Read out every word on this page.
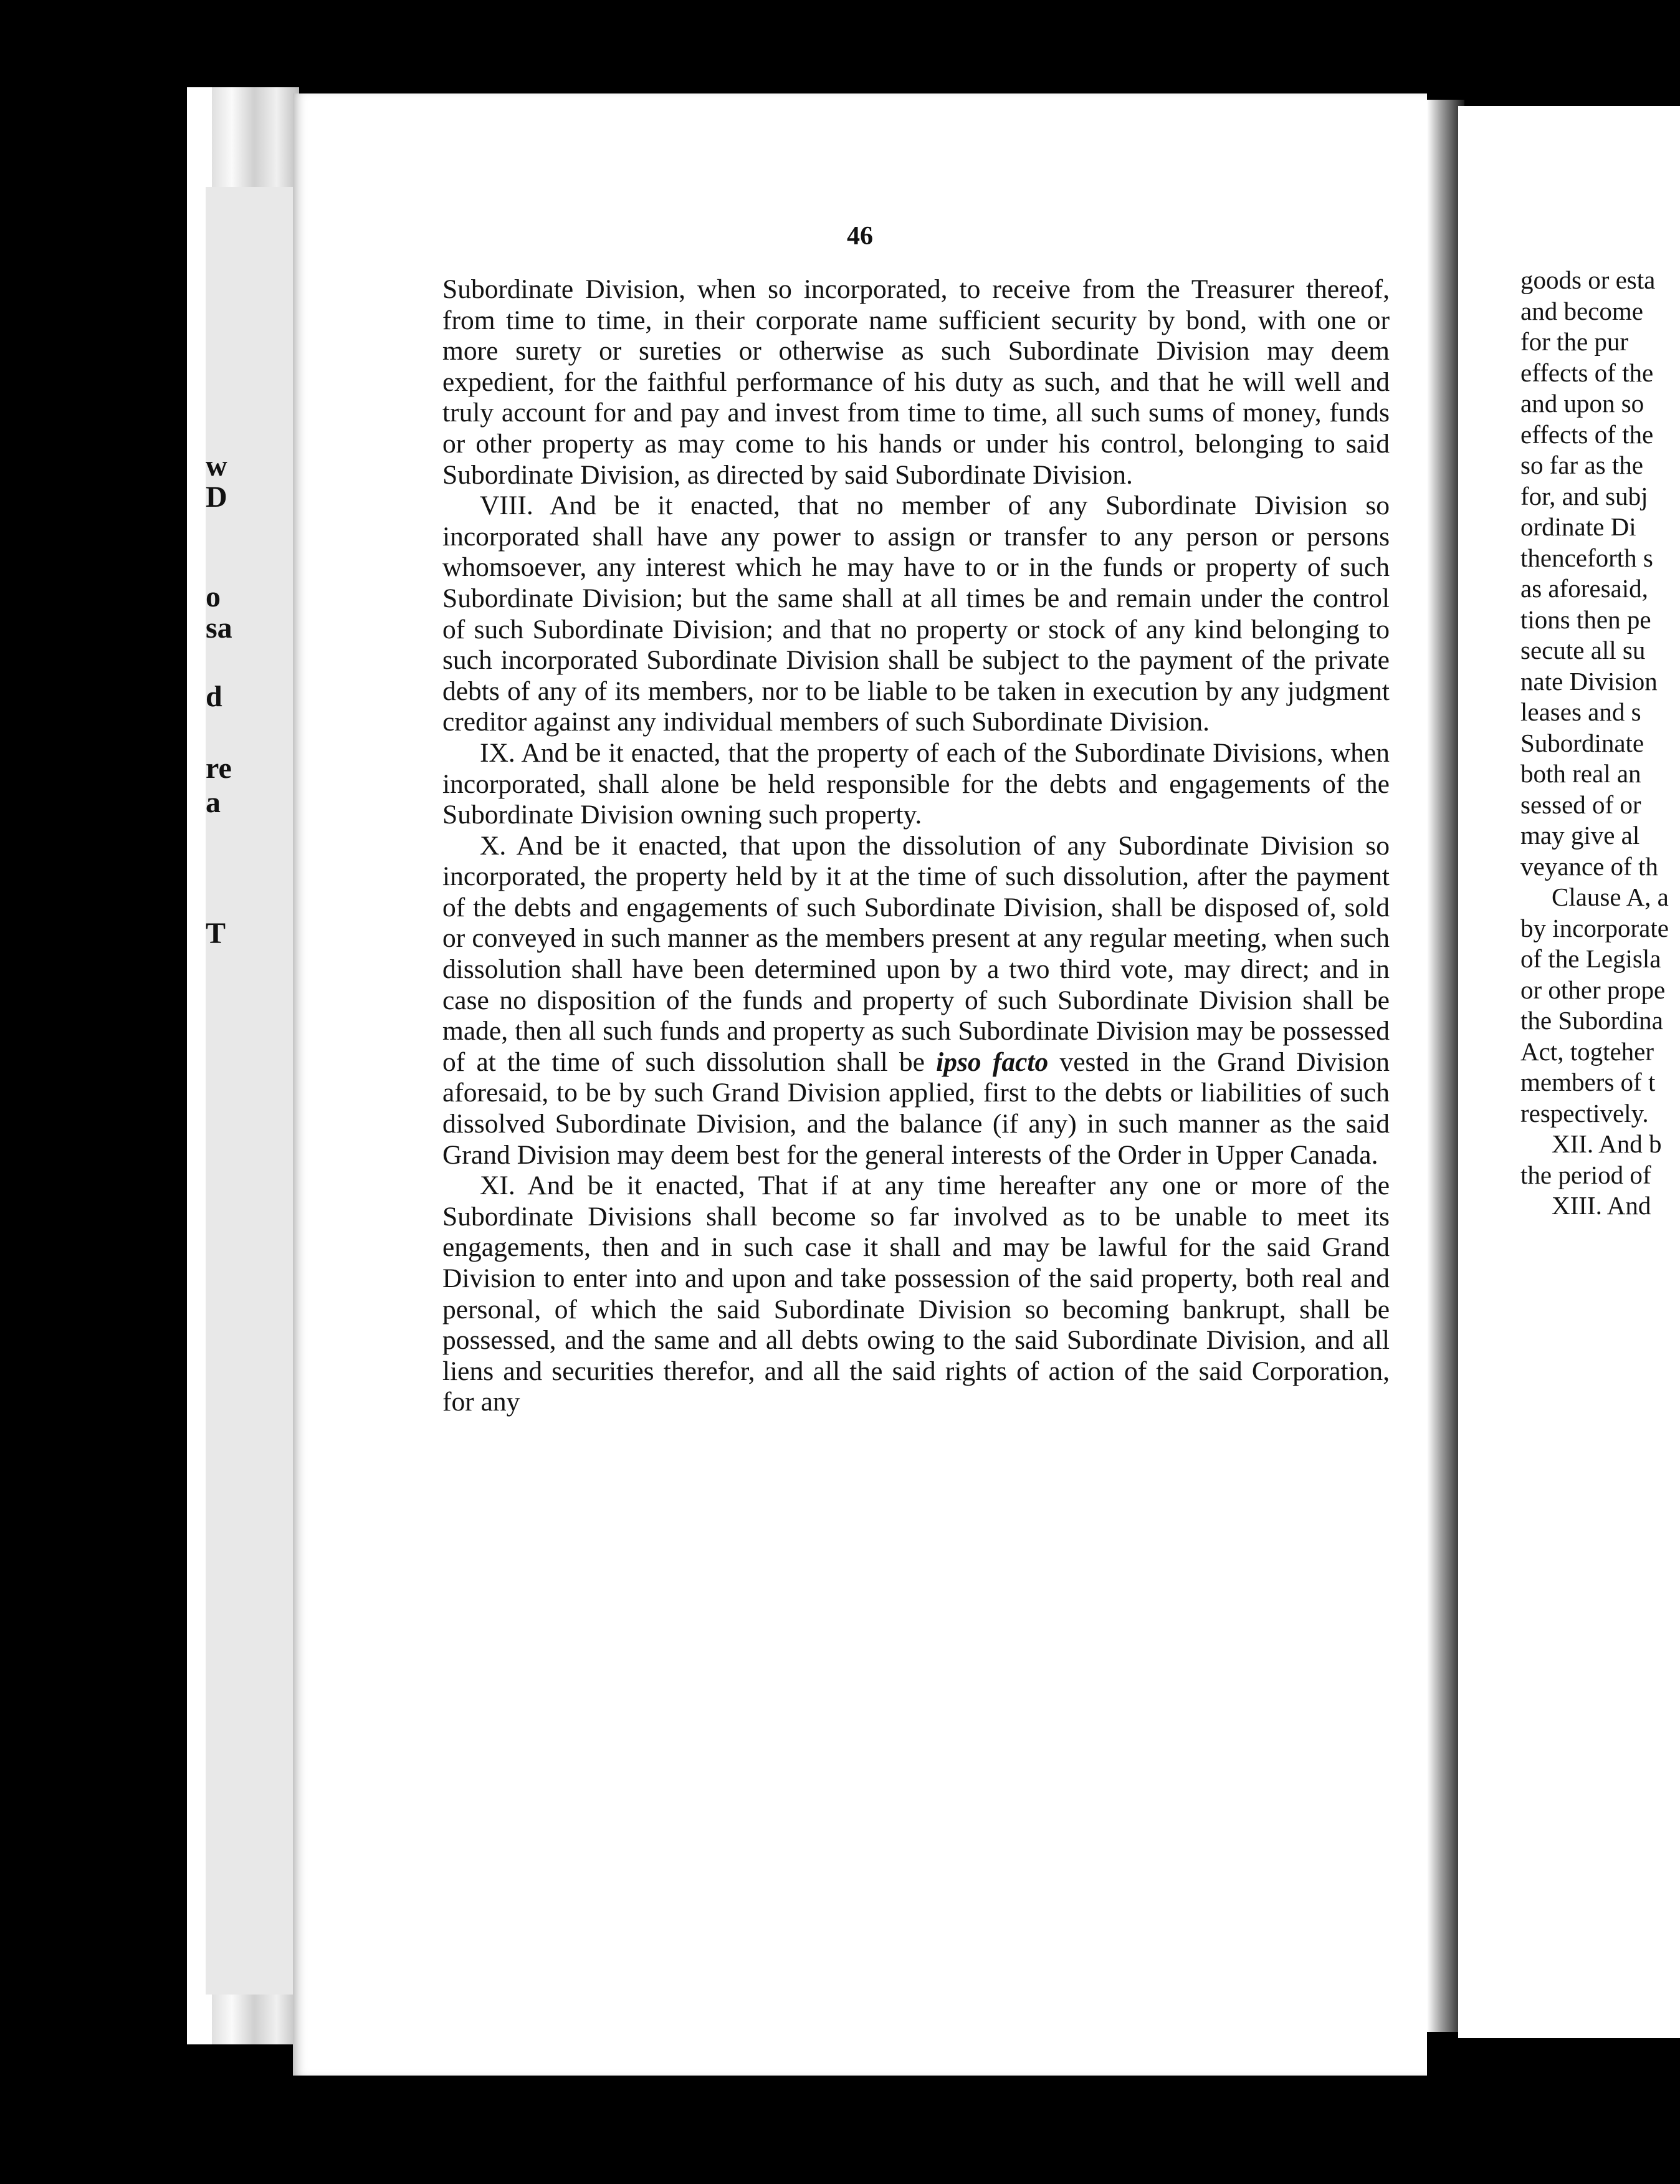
w
D
o
sa
d
re
a
T
46

Subordinate Division, when so incorporated, to receive from the Treasurer thereof, from time to time, in their corporate name sufficient security by bond, with one or more surety or sureties or otherwise as such Subordinate Division may deem expedient, for the faithful performance of his duty as such, and that he will well and truly account for and pay and invest from time to time, all such sums of money, funds or other property as may come to his hands or under his control, belonging to said Subordinate Division, as directed by said Subordinate Division.

VIII. And be it enacted, that no member of any Subordinate Division so incorporated shall have any power to assign or transfer to any person or persons whomsoever, any interest which he may have to or in the funds or property of such Subordinate Division; but the same shall at all times be and remain under the control of such Subordinate Division; and that no property or stock of any kind belonging to such incorporated Subordinate Division shall be subject to the payment of the private debts of any of its members, nor to be liable to be taken in execution by any judgment creditor against any individual members of such Subordinate Division.

IX. And be it enacted, that the property of each of the Subordinate Divisions, when incorporated, shall alone be held responsible for the debts and engagements of the Subordinate Division owning such property.

X. And be it enacted, that upon the dissolution of any Subordinate Division so incorporated, the property held by it at the time of such dissolution, after the payment of the debts and engagements of such Subordinate Division, shall be disposed of, sold or conveyed in such manner as the members present at any regular meeting, when such dissolution shall have been determined upon by a two third vote, may direct; and in case no disposition of the funds and property of such Subordinate Division shall be made, then all such funds and property as such Subordinate Division may be possessed of at the time of such dissolution shall be ipso facto vested in the Grand Division aforesaid, to be by such Grand Division applied, first to the debts or liabilities of such dissolved Subordinate Division, and the balance (if any) in such manner as the said Grand Division may deem best for the general interests of the Order in Upper Canada.

XI. And be it enacted, That if at any time hereafter any one or more of the Subordinate Divisions shall become so far involved as to be unable to meet its engagements, then and in such case it shall and may be lawful for the said Grand Division to enter into and upon and take possession of the said property, both real and personal, of which the said Subordinate Division so becoming bankrupt, shall be possessed, and the same and all debts owing to the said Subordinate Division, and all liens and securities therefor, and all the said rights of action of the said Corporation, for any

goods or esta
and become
for the pur
effects of the
and upon so
effects of the
so far as the
for, and subj
ordinate Di
thenceforth s
as aforesaid,
tions then pe
secute all su
nate Division
leases and s
Subordinate
both real an
sessed of or
may give al
veyance of th
Clause A, a
by incorporate
of the Legisla
or other prope
the Subordina
Act, togteher
members of t
respectively.
XII. And b
the period of
XIII. And
